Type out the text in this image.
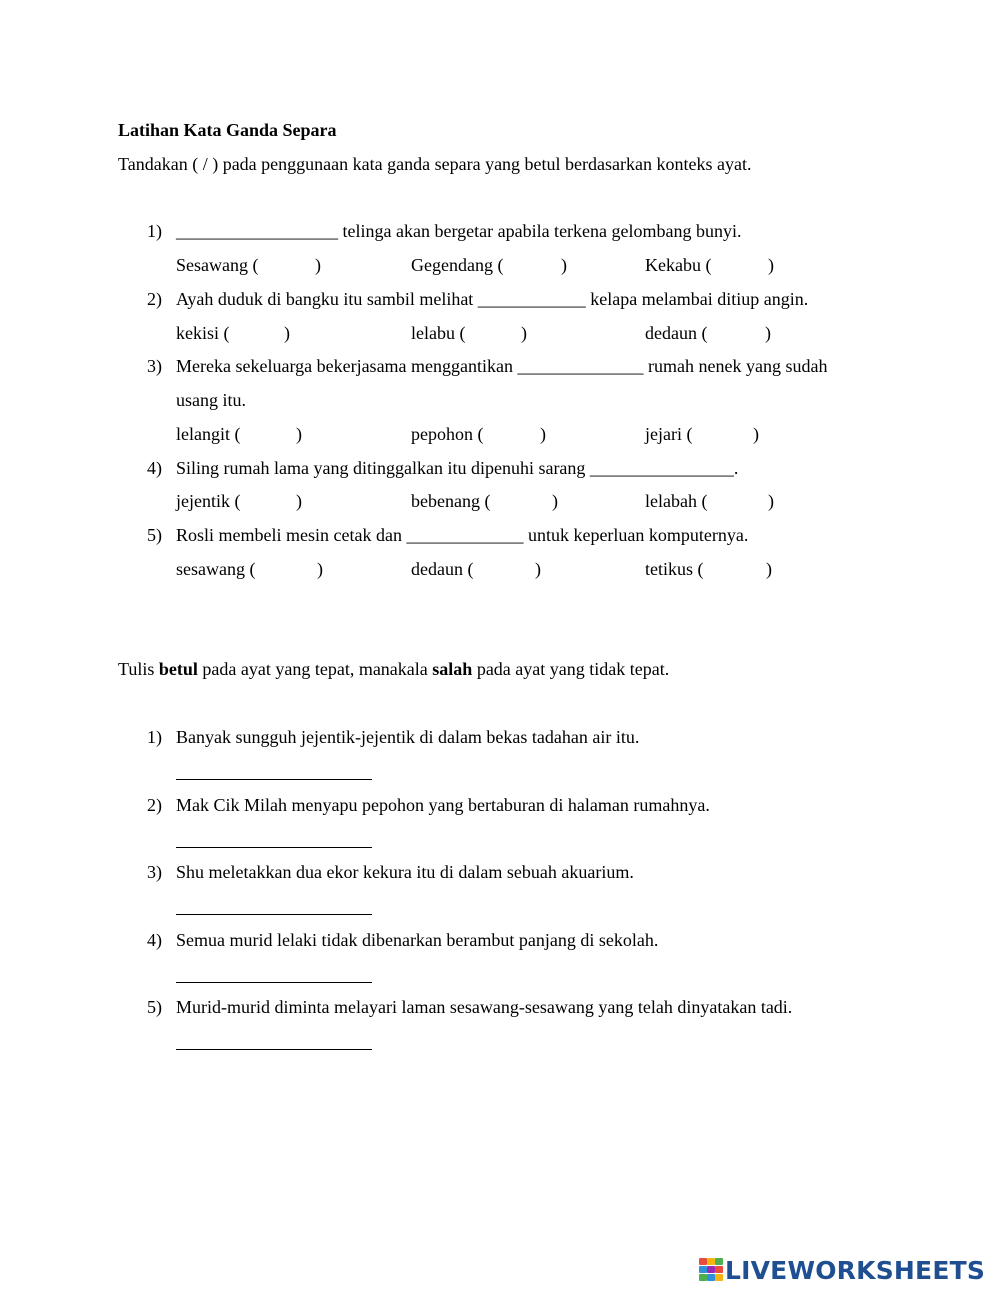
Latihan Kata Ganda Separa
Tandakan ( / ) pada penggunaan kata ganda separa yang betul berdasarkan konteks ayat.
1) __________________ telinga akan bergetar apabila terkena gelombang bunyi.
Sesawang (	)	Gegendang (	)	Kekabu (	)
2) Ayah duduk di bangku itu sambil melihat ____________ kelapa melambai ditiup angin.
kekisi (	)	lelabu (	)	dedaun (	)
3) Mereka sekeluarga bekerjasama menggantikan ______________ rumah nenek yang sudah
usang itu.
lelangit (	)	pepohon (	)	jejari (	)
4) Siling rumah lama yang ditinggalkan itu dipenuhi sarang ________________.
jejentik (	)	bebenang (	)	lelabah (	)
5) Rosli membeli mesin cetak dan _____________ untuk keperluan komputernya.
sesawang (	)	dedaun (	)	tetikus (	)
Tulis betul pada ayat yang tepat, manakala salah pada ayat yang tidak tepat.
1) Banyak sungguh jejentik-jejentik di dalam bekas tadahan air itu.
2) Mak Cik Milah menyapu pepohon yang bertaburan di halaman rumahnya.
3) Shu meletakkan dua ekor kekura itu di dalam sebuah akuarium.
4) Semua murid lelaki tidak dibenarkan berambut panjang di sekolah.
5) Murid-murid diminta melayari laman sesawang-sesawang yang telah dinyatakan tadi.
LIVEWORKSHEETS
